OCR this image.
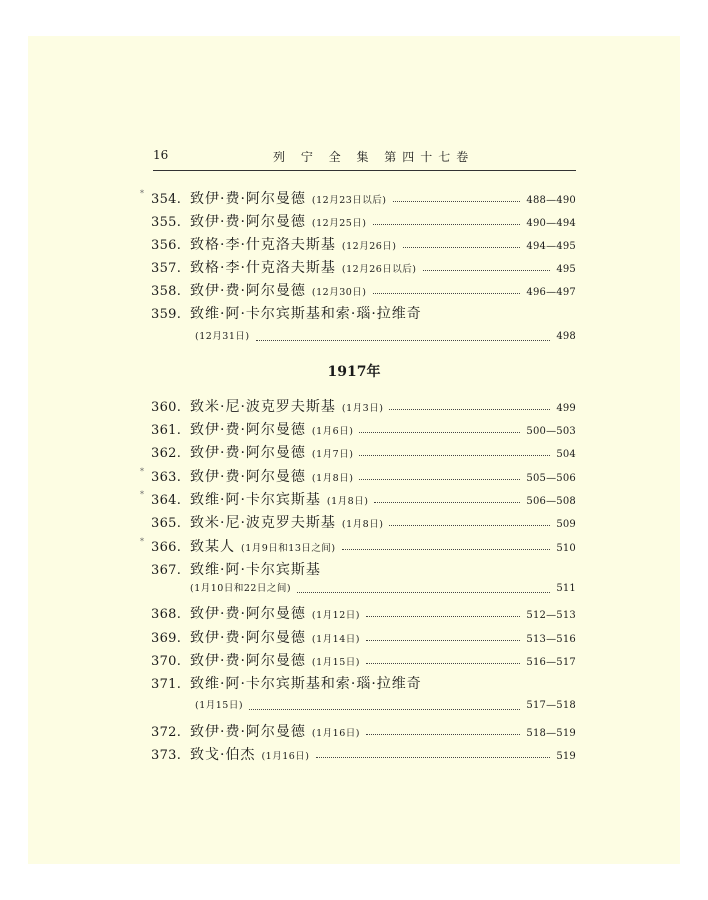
16	列 宁 全 集 第四十七卷
* 354. 致伊·费·阿尔曼德 (12月23日以后)	488—490
355. 致伊·费·阿尔曼德 (12月25日)	490—494
356. 致格·李·什克洛夫斯基 (12月26日)	494—495
357. 致格·李·什克洛夫斯基 (12月26日以后)	495
358. 致伊·费·阿尔曼德 (12月30日)	496—497
359. 致维·阿·卡尔宾斯基和索·瑙·拉维奇
(12月31日)	498
1917年
360. 致米·尼·波克罗夫斯基 (1月3日)	499
361. 致伊·费·阿尔曼德 (1月6日)	500—503
362. 致伊·费·阿尔曼德 (1月7日)	504
* 363. 致伊·费·阿尔曼德 (1月8日)	505—506
* 364. 致维·阿·卡尔宾斯基 (1月8日)	506—508
365. 致米·尼·波克罗夫斯基 (1月8日)	509
* 366. 致某人 (1月9日和13日之间)	510
367. 致维·阿·卡尔宾斯基
(1月10日和22日之间)	511
368. 致伊·费·阿尔曼德 (1月12日)	512—513
369. 致伊·费·阿尔曼德 (1月14日)	513—516
370. 致伊·费·阿尔曼德 (1月15日)	516—517
371. 致维·阿·卡尔宾斯基和索·瑙·拉维奇
(1月15日)	517—518
372. 致伊·费·阿尔曼德 (1月16日)	518—519
373. 致戈·伯杰 (1月16日)	519
